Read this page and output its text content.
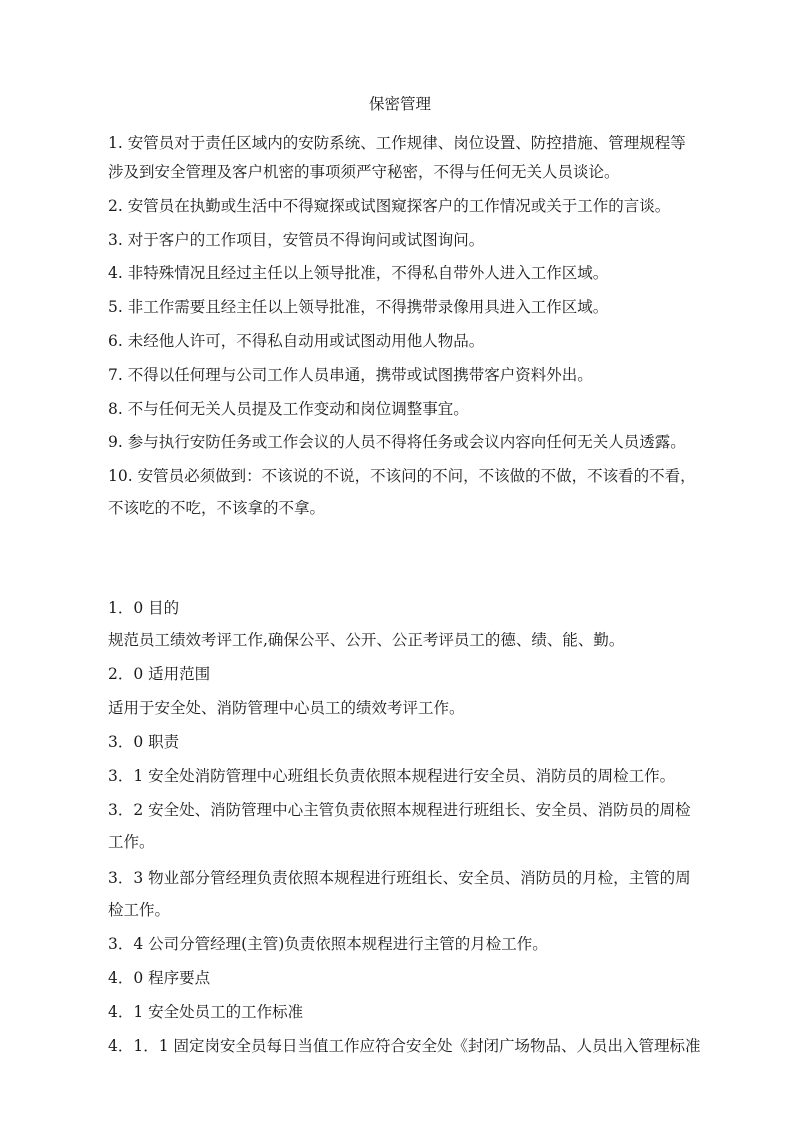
保密管理
1. 安管员对于责任区域内的安防系统、工作规律、岗位设置、防控措施、管理规程等
涉及到安全管理及客户机密的事项须严守秘密，不得与任何无关人员谈论。
2. 安管员在执勤或生活中不得窥探或试图窥探客户的工作情况或关于工作的言谈。
3. 对于客户的工作项目，安管员不得询问或试图询问。
4. 非特殊情况且经过主任以上领导批准，不得私自带外人进入工作区域。
5. 非工作需要且经主任以上领导批准，不得携带录像用具进入工作区域。
6. 未经他人许可，不得私自动用或试图动用他人物品。
7. 不得以任何理与公司工作人员串通，携带或试图携带客户资料外出。
8. 不与任何无关人员提及工作变动和岗位调整事宜。
9. 参与执行安防任务或工作会议的人员不得将任务或会议内容向任何无关人员透露。
10. 安管员必须做到：不该说的不说，不该问的不问，不该做的不做，不该看的不看，
不该吃的不吃，不该拿的不拿。
1．0 目的
规范员工绩效考评工作,确保公平、公开、公正考评员工的德、绩、能、勤。
2．0 适用范围
适用于安全处、消防管理中心员工的绩效考评工作。
3．0 职责
3．1 安全处消防管理中心班组长负责依照本规程进行安全员、消防员的周检工作。
3．2 安全处、消防管理中心主管负责依照本规程进行班组长、安全员、消防员的周检
工作。
3．3 物业部分管经理负责依照本规程进行班组长、安全员、消防员的月检，主管的周
检工作。
3．4 公司分管经理(主管)负责依照本规程进行主管的月检工作。
4．0 程序要点
4．1 安全处员工的工作标准
4．1．1 固定岗安全员每日当值工作应符合安全处《封闭广场物品、人员出入管理标准
